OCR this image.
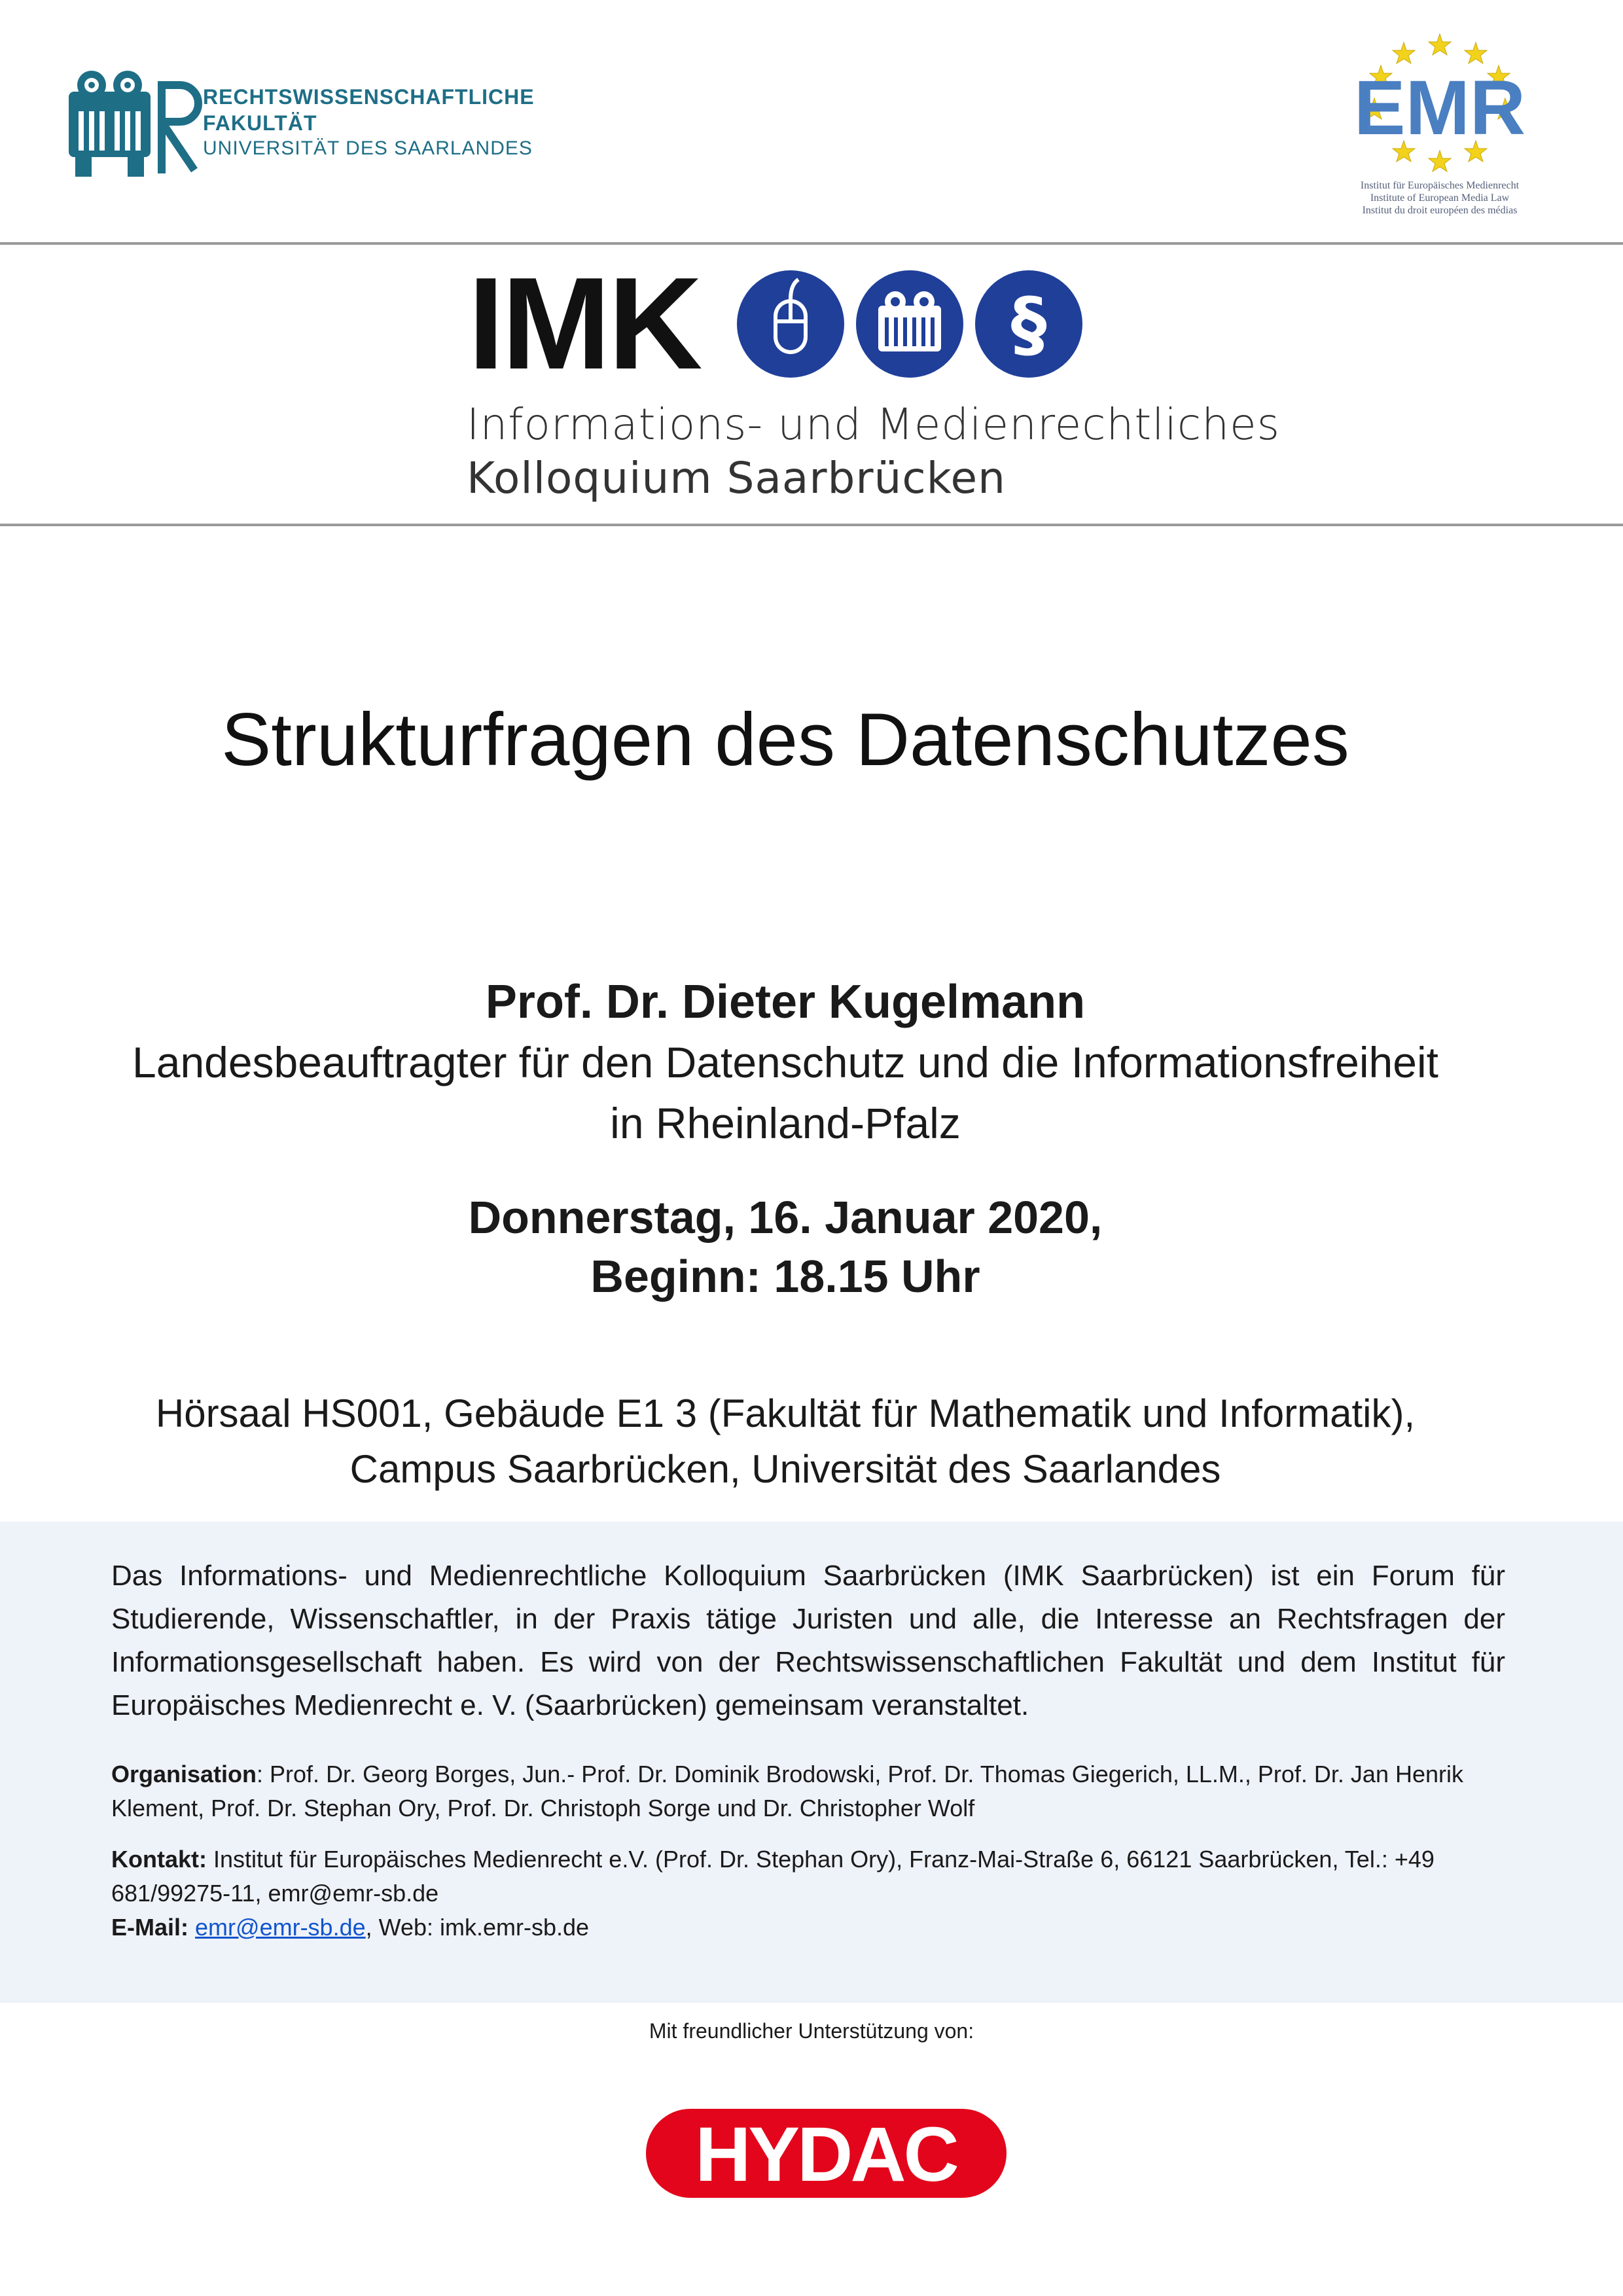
RECHTSWISSENSCHAFTLICHE
FAKULTÄT
UNIVERSITÄT DES SAARLANDES	EMR
Institut für Europäisches Medienrecht
Institute of European Media Law
Institut du droit européen des médias
IMK	§
Informations- und Medienrechtliches
Kolloquium Saarbrücken
Strukturfragen des Datenschutzes
Prof. Dr. Dieter Kugelmann
Landesbeauftragter für den Datenschutz und die Informationsfreiheit
in Rheinland-Pfalz
Donnerstag, 16. Januar 2020,
Beginn: 18.15 Uhr
Hörsaal HS001, Gebäude E1 3 (Fakultät für Mathematik und Informatik),
Campus Saarbrücken, Universität des Saarlandes
Das Informations- und Medienrechtliche Kolloquium Saarbrücken (IMK Saarbrücken) ist ein Forum für Studierende, Wissenschaftler, in der Praxis tätige Juristen und alle, die Interesse an Rechtsfragen der Informationsgesellschaft haben. Es wird von der Rechtswissenschaftlichen Fakultät und dem Institut für Europäisches Medienrecht e. V. (Saarbrücken) gemeinsam veranstaltet.
Organisation: Prof. Dr. Georg Borges, Jun.- Prof. Dr. Dominik Brodowski, Prof. Dr. Thomas Giegerich, LL.M., Prof. Dr. Jan Henrik Klement, Prof. Dr. Stephan Ory, Prof. Dr. Christoph Sorge und Dr. Christopher Wolf
Kontakt: Institut für Europäisches Medienrecht e.V. (Prof. Dr. Stephan Ory), Franz-Mai-Straße 6, 66121 Saarbrücken, Tel.: +49 681/99275-11, emr@emr-sb.de
E-Mail: emr@emr-sb.de, Web: imk.emr-sb.de
Mit freundlicher Unterstützung von:
HYDAC
